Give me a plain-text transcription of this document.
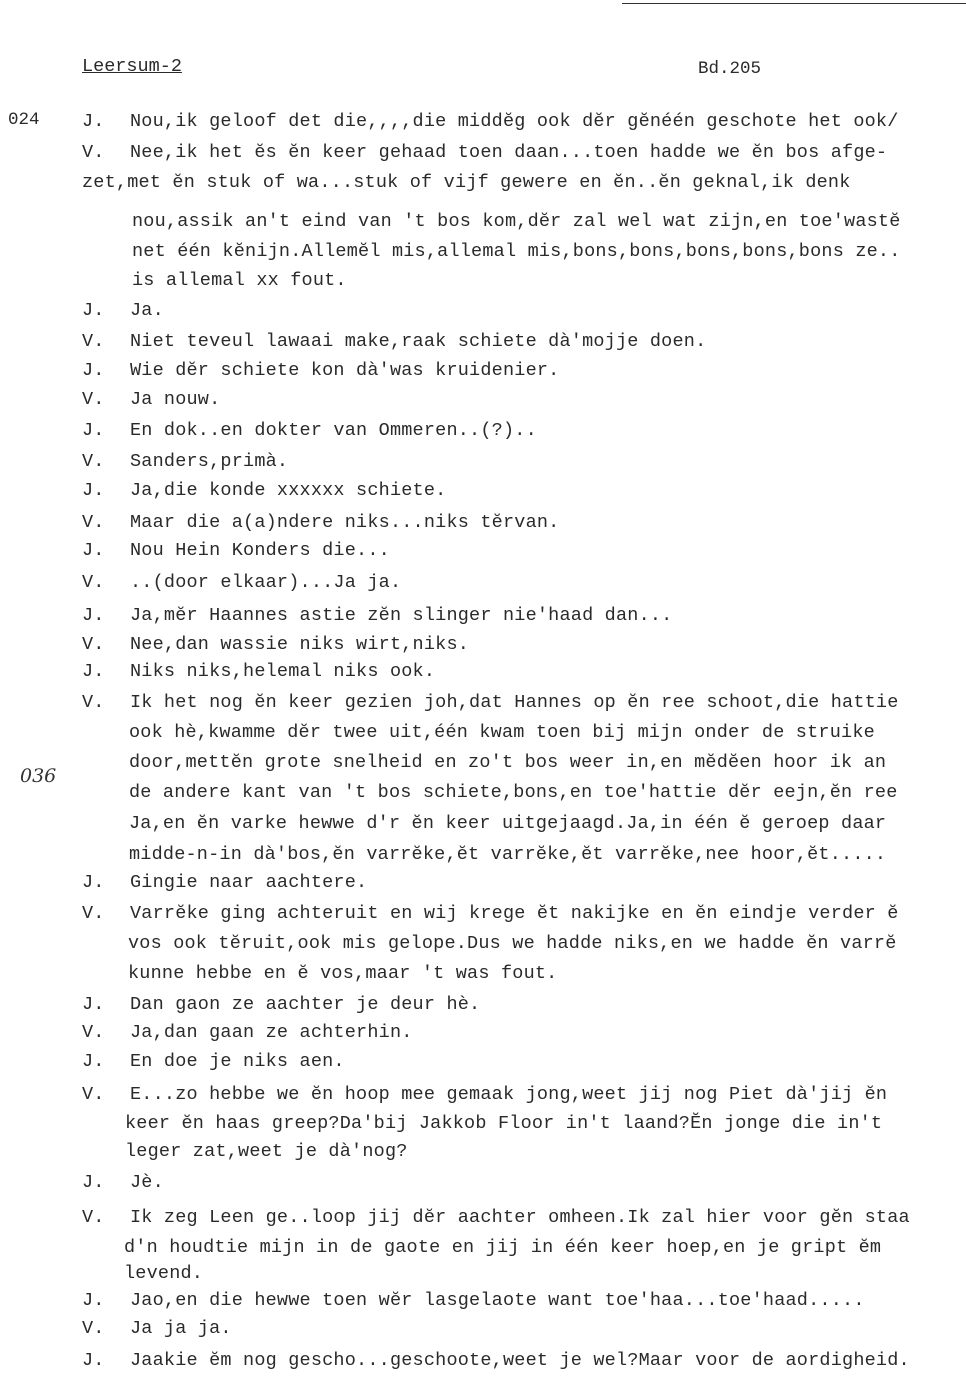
Leersum-2	Bd.205
024
036
J. Nou,ik geloof det die,,,,die middĕg ook dĕr gĕnéén geschote het ook/
V. Nee,ik het ĕs ĕn keer gehaad toen daan...toen hadde we ĕn bos afge-
zet,met ĕn stuk of wa...stuk of vijf gewere en ĕn..ĕn geknal,ik denk
nou,assik an't eind van 't bos kom,dĕr zal wel wat zijn,en toe'wastĕ
net één kĕnijn.Allemĕl mis,allemal mis,bons,bons,bons,bons,bons ze..
is allemal xx fout.
J. Ja.
V. Niet teveul lawaai make,raak schiete dà'mojje doen.
J. Wie dĕr schiete kon dà'was kruidenier.
V. Ja nouw.
J. En dok..en dokter van Ommeren..(?)..
V. Sanders,primà.
J. Ja,die konde xxxxxx schiete.
V. Maar die a(a)ndere niks...niks tĕrvan.
J. Nou Hein Konders die...
V. ..(door elkaar)...Ja ja.
J. Ja,mĕr Haannes astie zĕn slinger nie'haad dan...
V. Nee,dan wassie niks wirt,niks.
J. Niks niks,helemal niks ook.
V. Ik het nog ĕn keer gezien joh,dat Hannes op ĕn ree schoot,die hattie
ook hè,kwamme dĕr twee uit,één kwam toen bij mijn onder de struike
door,mettĕn grote snelheid en zo't bos weer in,en mĕdĕen hoor ik an
de andere kant van 't bos schiete,bons,en toe'hattie dĕr eejn,ĕn ree
Ja,en ĕn varke hewwe d'r ĕn keer uitgejaagd.Ja,in één ĕ geroep daar
midde-n-in dà'bos,ĕn varrĕke,ĕt varrĕke,ĕt varrĕke,nee hoor,ĕt.....
J. Gingie naar aachtere.
V. Varrĕke ging achteruit en wij krege ĕt nakijke en ĕn eindje verder ĕ
vos ook tĕruit,ook mis gelope.Dus we hadde niks,en we hadde ĕn varrĕ
kunne hebbe en ĕ vos,maar 't was fout.
J. Dan gaon ze aachter je deur hè.
V. Ja,dan gaan ze achterhin.
J. En doe je niks aen.
V. E...zo hebbe we ĕn hoop mee gemaak jong,weet jij nog Piet dà'jij ĕn
keer ĕn haas greep?Da'bij Jakkob Floor in't laand?Ĕn jonge die in't
leger zat,weet je dà'nog?
J. Jè.
V. Ik zeg Leen ge..loop jij dĕr aachter omheen.Ik zal hier voor gĕn staa
d'n houdtie mijn in de gaote en jij in één keer hoep,en je gript ĕm
levend.
J. Jao,en die hewwe toen wĕr lasgelaote want toe'haa...toe'haad.....
V. Ja ja ja.
J. Jaakie ĕm nog gescho...geschoote,weet je wel?Maar voor de aordigheid.
